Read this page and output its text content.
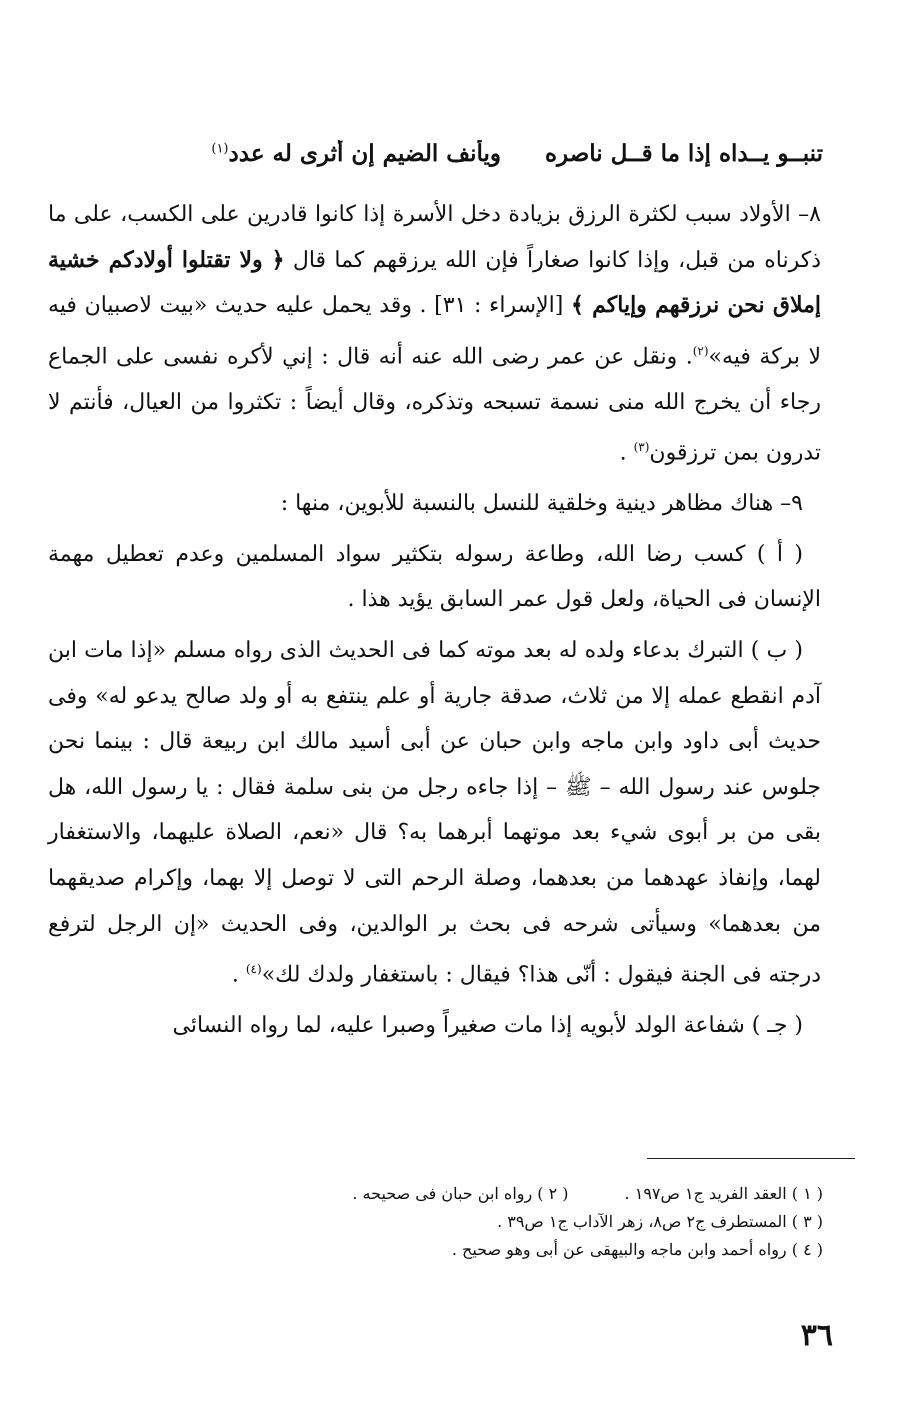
تنبــو يــداه إذا ما قــل ناصره
ويأنف الضيم إن أثرى له عدد$^{(١)}$

٨– الأولاد سبب لكثرة الرزق بزيادة دخل الأسرة إذا كانوا قادرين على الكسب، على ما ذكرناه من قبل، وإذا كانوا صغاراً فإن الله يرزقهم كما قال ﴿ ولا تقتلوا أولادكم خشية إملاق نحن نرزقهم وإياكم ﴾ [الإسراء : ٣١] . وقد يحمل عليه حديث «بيت لاصبيان فيه لا بركة فيه»$^{(٢)}$. ونقل عن عمر رضى الله عنه أنه قال : إني لأكره نفسى على الجماع رجاء أن يخرج الله منى نسمة تسبحه وتذكره، وقال أيضاً : تكثروا من العيال، فأنتم لا تدرون بمن ترزقون$^{(٣)}$ .

٩– هناك مظاهر دينية وخلقية للنسل بالنسبة للأبوين، منها :

( أ ) كسب رضا الله، وطاعة رسوله بتكثير سواد المسلمين وعدم تعطيل مهمة الإنسان فى الحياة، ولعل قول عمر السابق يؤيد هذا .

( ب ) التبرك بدعاء ولده له بعد موته كما فى الحديث الذى رواه مسلم «إذا مات ابن آدم انقطع عمله إلا من ثلاث، صدقة جارية أو علم ينتفع به أو ولد صالح يدعو له» وفى حديث أبى داود وابن ماجه وابن حبان عن أبى أسيد مالك ابن ربيعة قال : بينما نحن جلوس عند رسول الله – ﷺ – إذا جاءه رجل من بنى سلمة فقال : يا رسول الله، هل بقى من بر أبوى شيء بعد موتهما أبرهما به؟ قال «نعم، الصلاة عليهما، والاستغفار لهما، وإنفاذ عهدهما من بعدهما، وصلة الرحم التى لا توصل إلا بهما، وإكرام صديقهما من بعدهما» وسيأتى شرحه فى بحث بر الوالدين، وفى الحديث «إن الرجل لترفع درجته فى الجنة فيقول : أنّى هذا؟ فيقال : باستغفار ولدك لك»$^{(٤)}$ .

( جـ ) شفاعة الولد لأبويه إذا مات صغيراً وصبرا عليه، لما رواه النسائى

( ١ ) العقد الفريد ج١ ص١٩٧ .( ٢ ) رواه ابن حبان فى صحيحه .
( ٣ ) المستطرف ج٢ ص٨، زهر الآداب ج١ ص٣٩ .
( ٤ ) رواه أحمد وابن ماجه والبيهقى عن أبى وهو صحيح .
٣٦
